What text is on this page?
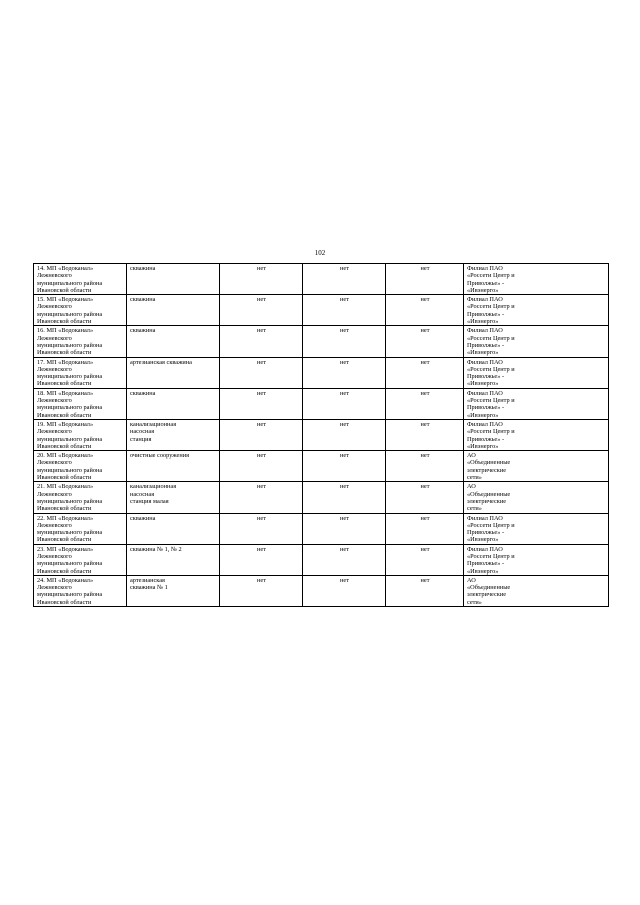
102
14. МП «Водоканал»
Лежневского
муниципального района
Ивановской области	скважина	нет	нет	нет	Филиал ПАО
«Россети Центр и
Приволжье» -
«Ивэнерго»
15. МП «Водоканал»
Лежневского
муниципального района
Ивановской области	скважина	нет	нет	нет	Филиал ПАО
«Россети Центр и
Приволжье» -
«Ивэнерго»
16. МП «Водоканал»
Лежневского
муниципального района
Ивановской области	скважина	нет	нет	нет	Филиал ПАО
«Россети Центр и
Приволжье» -
«Ивэнерго»
17. МП «Водоканал»
Лежневского
муниципального района
Ивановской области	артезианская скважина	нет	нет	нет	Филиал ПАО
«Россети Центр и
Приволжье» -
«Ивэнерго»
18. МП «Водоканал»
Лежневского
муниципального района
Ивановской области	скважина	нет	нет	нет	Филиал ПАО
«Россети Центр и
Приволжье» -
«Ивэнерго»
19. МП «Водоканал»
Лежневского
муниципального района
Ивановской области	канализационная
насосная
станция	нет	нет	нет	Филиал ПАО
«Россети Центр и
Приволжье» -
«Ивэнерго»
20. МП «Водоканал»
Лежневского
муниципального района
Ивановской области	очистные сооружения	нет	нет	нет	АО
«Объединенные
электрические
сети»
21. МП «Водоканал»
Лежневского
муниципального района
Ивановской области	канализационная
насосная
станция малая	нет	нет	нет	АО
«Объединенные
электрические
сети»
22. МП «Водоканал»
Лежневского
муниципального района
Ивановской области	скважина	нет	нет	нет	Филиал ПАО
«Россети Центр и
Приволжье» -
«Ивэнерго»
23. МП «Водоканал»
Лежневского
муниципального района
Ивановской области	скважина № 1, № 2	нет	нет	нет	Филиал ПАО
«Россети Центр и
Приволжье» -
«Ивэнерго»
24. МП «Водоканал»
Лежневского
муниципального района
Ивановской области	артезианская
скважина № 1	нет	нет	нет	АО
«Объединенные
электрические
сети»
